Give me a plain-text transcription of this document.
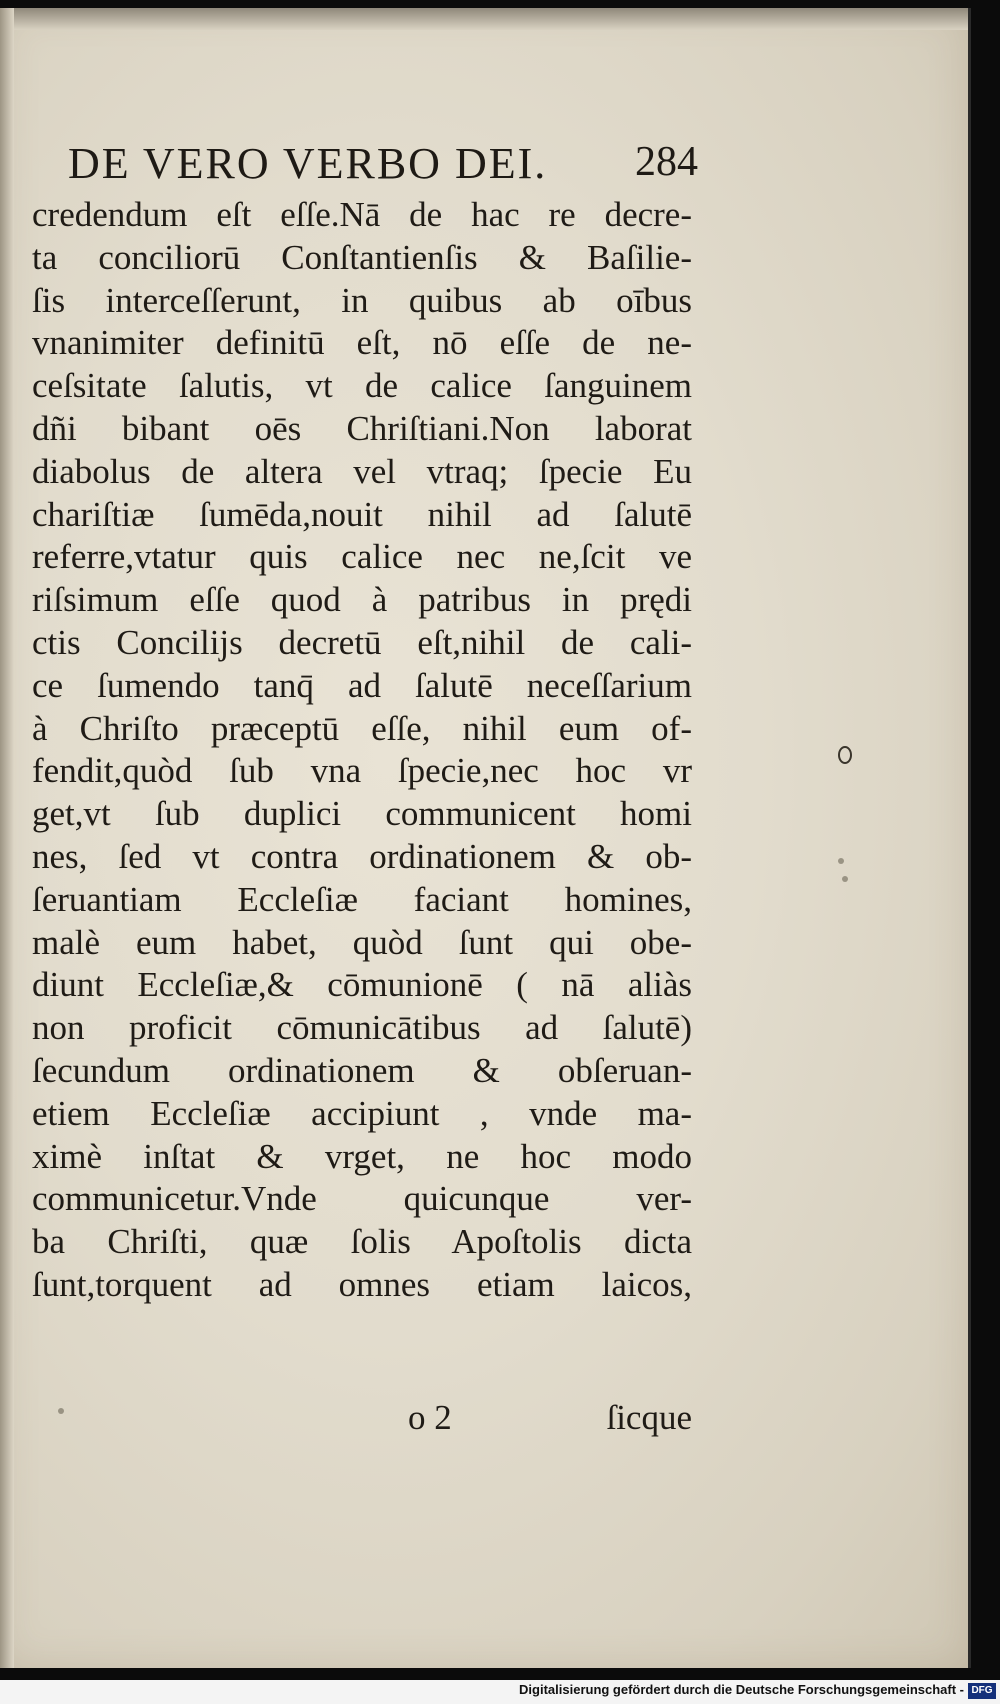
DE VERO VERBO DEI. 284
credendum eſt eſſe.Nā de hac re decre-
ta conciliorū Conſtantienſis & Baſilie-
ſis interceſſerunt, in quibus ab oībus
vnanimiter definitū eſt, nō eſſe de ne-
ceſsitate ſalutis, vt de calice ſanguinem
dñi bibant oēs Chriſtiani.Non laborat
diabolus de altera vel vtraq; ſpecie Eu
chariſtiæ ſumēda,nouit nihil ad ſalutē
referre,vtatur quis calice nec ne,ſcit ve
riſsimum eſſe quod à patribus in prędi
ctis Concilijs decretū eſt,nihil de cali-
ce ſumendo tanq̄ ad ſalutē neceſſarium
à Chriſto præceptū eſſe, nihil eum of-
fendit,quòd ſub vna ſpecie,nec hoc vr
get,vt ſub duplici communicent homi
nes, ſed vt contra ordinationem & ob-
ſeruantiam Eccleſiæ faciant homines,
malè eum habet, quòd ſunt qui obe-
diunt Eccleſiæ,& cōmunionē ( nā aliàs
non proficit cōmunicātibus ad ſalutē)
ſecundum ordinationem & obſeruan-
etiem Eccleſiæ accipiunt , vnde ma-
ximè inſtat & vrget, ne hoc modo
communicetur.Vnde quicunque ver-
ba Chriſti, quæ ſolis Apoſtolis dicta
ſunt,torquent ad omnes etiam laicos,
o 2	ſicque
Digitalisierung gefördert durch die Deutsche Forschungsgemeinschaft - DFG
